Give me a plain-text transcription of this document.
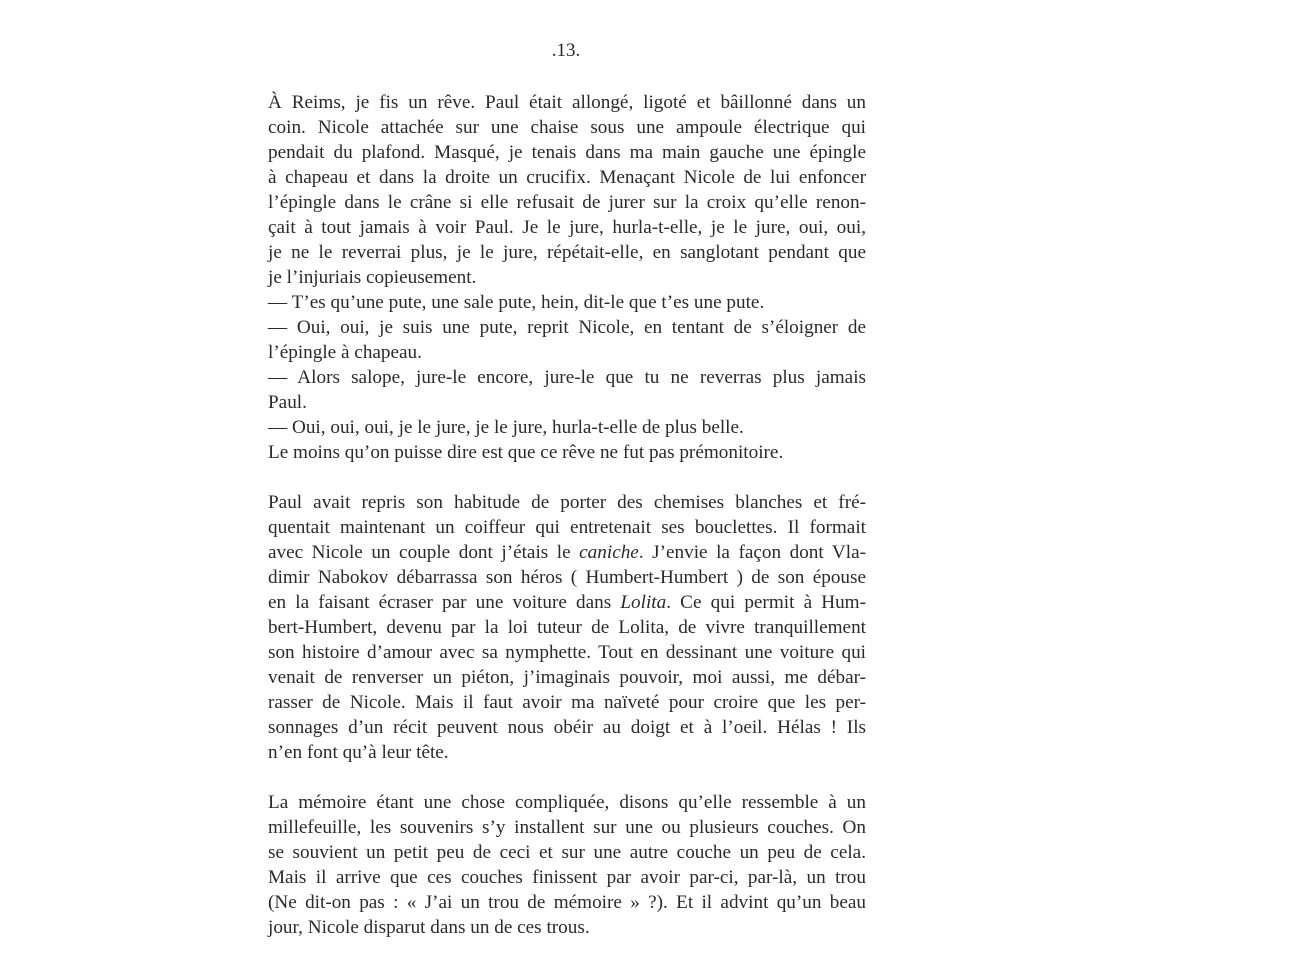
.13.
À Reims, je fis un rêve. Paul était allongé, ligoté et bâillonné dans un
coin. Nicole attachée sur une chaise sous une ampoule électrique qui
pendait du plafond. Masqué, je tenais dans ma main gauche une épingle
à chapeau et dans la droite un crucifix. Menaçant Nicole de lui enfoncer
l’épingle dans le crâne si elle refusait de jurer sur la croix qu’elle renon-
çait à tout jamais à voir Paul. Je le jure, hurla-t-elle, je le jure, oui, oui,
je ne le reverrai plus, je le jure, répétait-elle, en sanglotant pendant que
je l’injuriais copieusement.
— T’es qu’une pute, une sale pute, hein, dit-le que t’es une pute.
— Oui, oui, je suis une pute, reprit Nicole, en tentant de s’éloigner de
l’épingle à chapeau.
— Alors salope, jure-le encore, jure-le que tu ne reverras plus jamais
Paul.
— Oui, oui, oui, je le jure, je le jure, hurla-t-elle de plus belle.
Le moins qu’on puisse dire est que ce rêve ne fut pas prémonitoire.
Paul avait repris son habitude de porter des chemises blanches et fré-
quentait maintenant un coiffeur qui entretenait ses bouclettes. Il formait
avec Nicole un couple dont j’étais le caniche. J’envie la façon dont Vla-
dimir Nabokov débarrassa son héros ( Humbert-Humbert ) de son épouse
en la faisant écraser par une voiture dans Lolita. Ce qui permit à Hum-
bert-Humbert, devenu par la loi tuteur de Lolita, de vivre tranquillement
son histoire d’amour avec sa nymphette. Tout en dessinant une voiture qui
venait de renverser un piéton, j’imaginais pouvoir, moi aussi, me débar-
rasser de Nicole. Mais il faut avoir ma naïveté pour croire que les per-
sonnages d’un récit peuvent nous obéir au doigt et à l’oeil. Hélas ! Ils
n’en font qu’à leur tête.
La mémoire étant une chose compliquée, disons qu’elle ressemble à un
millefeuille, les souvenirs s’y installent sur une ou plusieurs couches. On
se souvient un petit peu de ceci et sur une autre couche un peu de cela.
Mais il arrive que ces couches finissent par avoir par-ci, par-là, un trou
(Ne dit-on pas : « J’ai un trou de mémoire » ?). Et il advint qu’un beau
jour, Nicole disparut dans un de ces trous.
